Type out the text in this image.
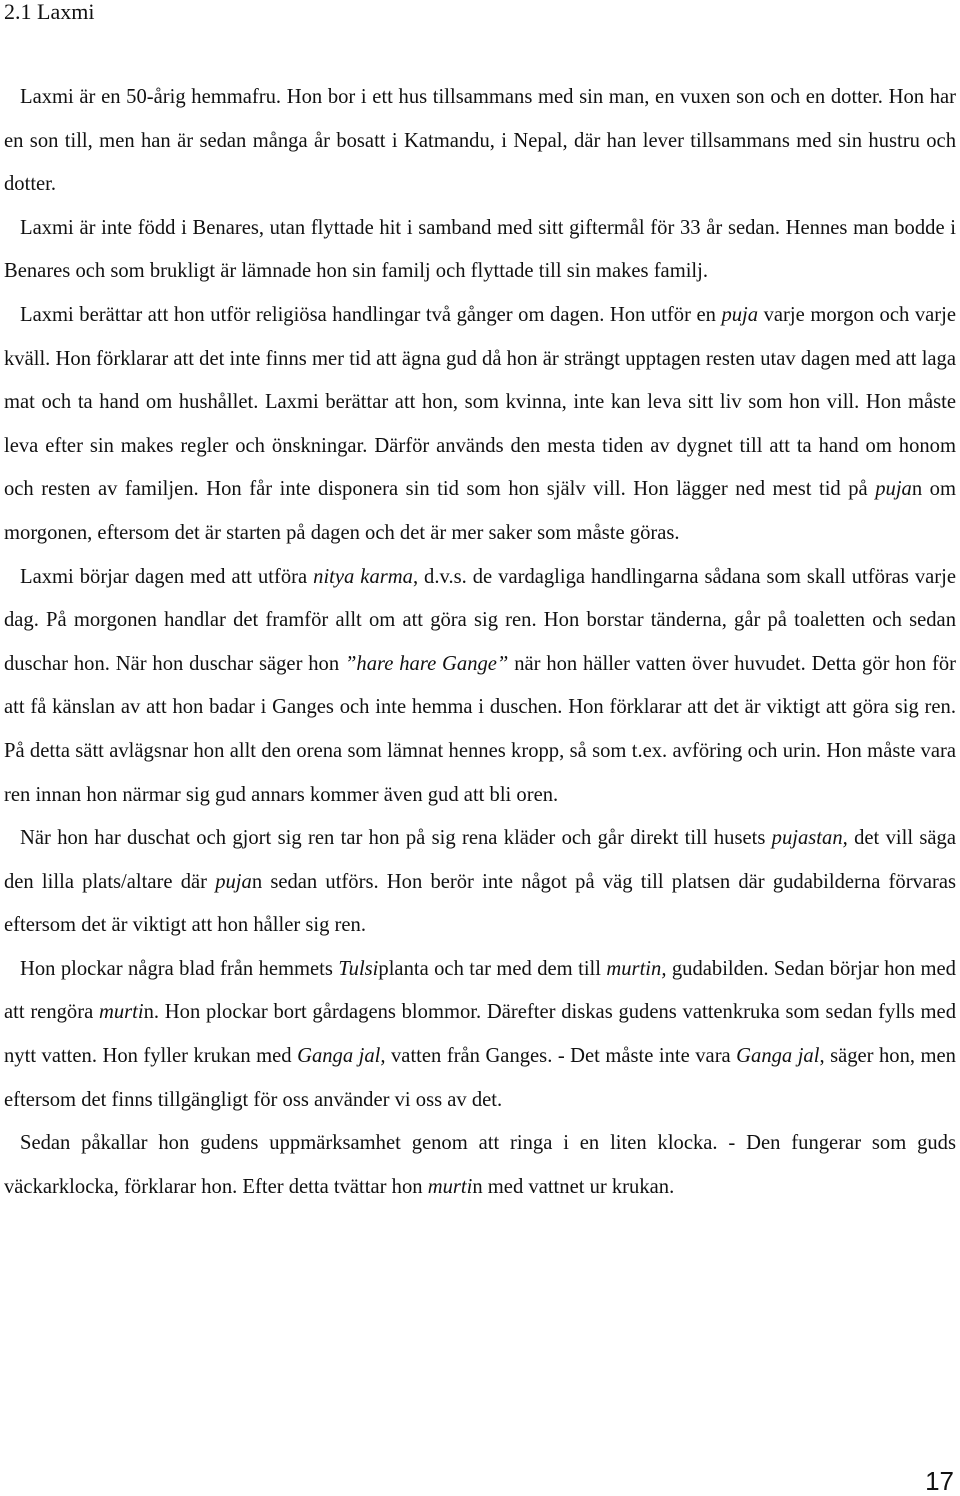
2.1 Laxmi

Laxmi är en 50-årig hemmafru. Hon bor i ett hus tillsammans med sin man, en vuxen son och en dotter. Hon har en son till, men han är sedan många år bosatt i Katmandu, i Nepal, där han lever tillsammans med sin hustru och dotter.

Laxmi är inte född i Benares, utan flyttade hit i samband med sitt giftermål för 33 år sedan. Hennes man bodde i Benares och som brukligt är lämnade hon sin familj och flyttade till sin makes familj.

Laxmi berättar att hon utför religiösa handlingar två gånger om dagen. Hon utför en puja varje morgon och varje kväll. Hon förklarar att det inte finns mer tid att ägna gud då hon är strängt upptagen resten utav dagen med att laga mat och ta hand om hushållet. Laxmi berättar att hon, som kvinna, inte kan leva sitt liv som hon vill. Hon måste leva efter sin makes regler och önskningar. Därför används den mesta tiden av dygnet till att ta hand om honom och resten av familjen. Hon får inte disponera sin tid som hon själv vill. Hon lägger ned mest tid på pujan om morgonen, eftersom det är starten på dagen och det är mer saker som måste göras.

Laxmi börjar dagen med att utföra nitya karma, d.v.s. de vardagliga handlingarna sådana som skall utföras varje dag. På morgonen handlar det framför allt om att göra sig ren. Hon borstar tänderna, går på toaletten och sedan duschar hon. När hon duschar säger hon ”hare hare Gange” när hon häller vatten över huvudet. Detta gör hon för att få känslan av att hon badar i Ganges och inte hemma i duschen. Hon förklarar att det är viktigt att göra sig ren. På detta sätt avlägsnar hon allt den orena som lämnat hennes kropp, så som t.ex. avföring och urin. Hon måste vara ren innan hon närmar sig gud annars kommer även gud att bli oren.

När hon har duschat och gjort sig ren tar hon på sig rena kläder och går direkt till husets pujastan, det vill säga den lilla plats/altare där pujan sedan utförs. Hon berör inte något på väg till platsen där gudabilderna förvaras eftersom det är viktigt att hon håller sig ren.

Hon plockar några blad från hemmets Tulsiplanta och tar med dem till murtin, gudabilden. Sedan börjar hon med att rengöra murtin. Hon plockar bort gårdagens blommor. Därefter diskas gudens vattenkruka som sedan fylls med nytt vatten. Hon fyller krukan med Ganga jal, vatten från Ganges. - Det måste inte vara Ganga jal, säger hon, men eftersom det finns tillgängligt för oss använder vi oss av det.

Sedan påkallar hon gudens uppmärksamhet genom att ringa i en liten klocka. - Den fungerar som guds väckarklocka, förklarar hon. Efter detta tvättar hon murtin med vattnet ur krukan.

17
